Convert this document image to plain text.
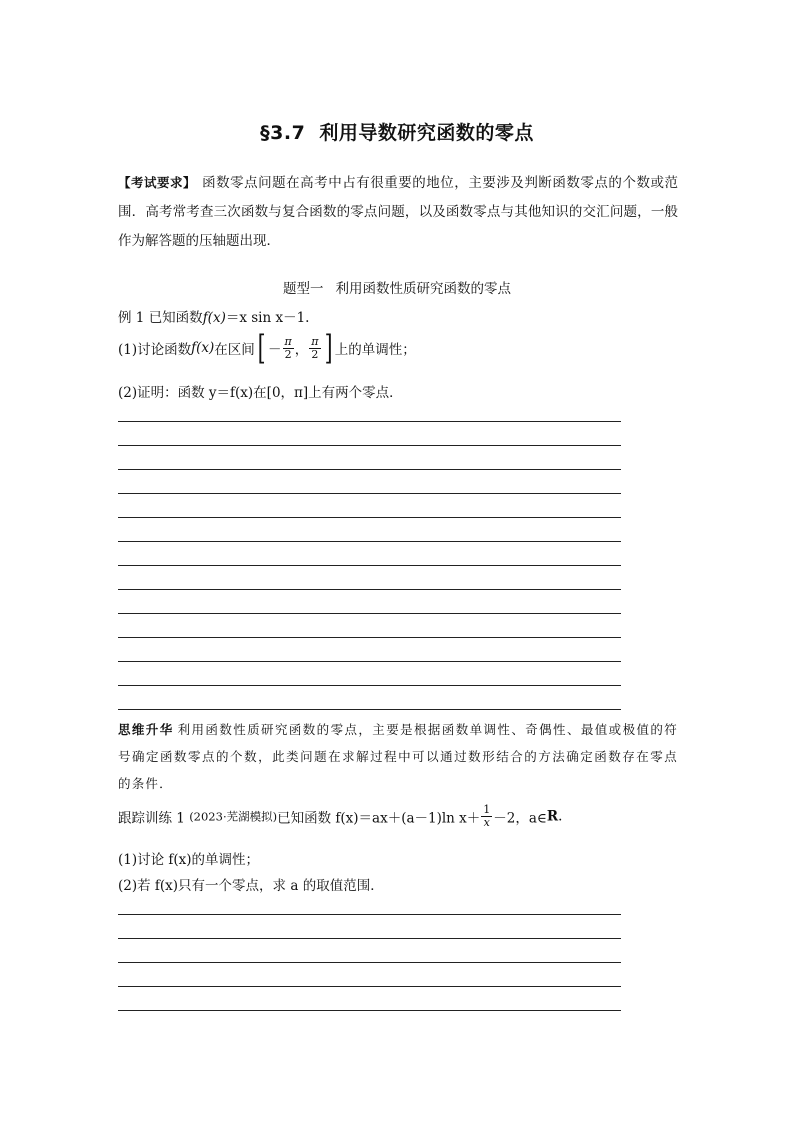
§3.7 利用导数研究函数的零点
【考试要求】 函数零点问题在高考中占有很重要的地位，主要涉及判断函数零点的个数或范围．高考常考查三次函数与复合函数的零点问题，以及函数零点与其他知识的交汇问题，一般作为解答题的压轴题出现．
题型一 利用函数性质研究函数的零点
例 1 已知函数f(x)＝x sin x－1.
(1)讨论函数f(x)在区间[ － $\frac{\pi}{2}$ ， $\frac{\pi}{2}$ ] 上的单调性；
(2)证明：函数 y＝f(x)在[0，π]上有两个零点．
思维升华 利用函数性质研究函数的零点，主要是根据函数单调性、奇偶性、最值或极值的符号确定函数零点的个数，此类问题在求解过程中可以通过数形结合的方法确定函数存在零点的条件．
跟踪训练 1 (2023·芜湖模拟)已知函数 f(x)＝ax＋(a－1)ln $x+ \frac{1}{x} -2$，a∈R.
(1)讨论 f(x)的单调性；
(2)若 f(x)只有一个零点，求 a 的取值范围．
